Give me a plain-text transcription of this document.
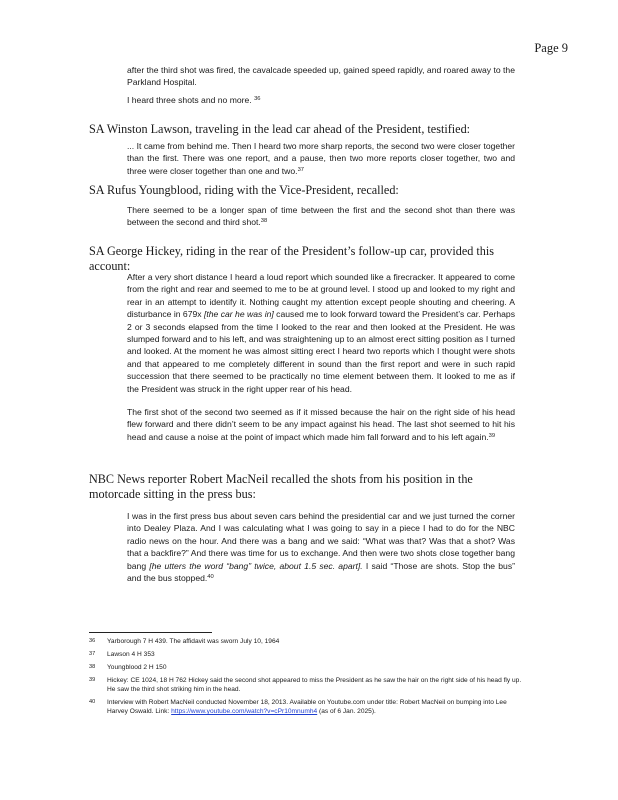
Page 9

after the third shot was fired, the cavalcade speeded up, gained speed rapidly, and roared away to the Parkland Hospital.

I heard three shots and no more. $^{36}$

SA Winston Lawson, traveling in the lead car ahead of the President, testified:

... It came from behind me. Then I heard two more sharp reports, the second two were closer together than the first. There was one report, and a pause, then two more reports closer together, two and three were closer together than one and two.$^{37}$

SA Rufus Youngblood, riding with the Vice-President, recalled:

There seemed to be a longer span of time between the first and the second shot than there was between the second and third shot.$^{38}$

SA George Hickey, riding in the rear of the President’s follow-up car, provided this account:

After a very short distance I heard a loud report which sounded like a firecracker. It appeared to come from the right and rear and seemed to me to be at ground level. I stood up and looked to my right and rear in an attempt to identify it. Nothing caught my attention except people shouting and cheering. A disturbance in 679x [the car he was in] caused me to look forward toward the President’s car. Perhaps 2 or 3 seconds elapsed from the time I looked to the rear and then looked at the President. He was slumped forward and to his left, and was straightening up to an almost erect sitting position as I turned and looked. At the moment he was almost sitting erect I heard two reports which I thought were shots and that appeared to me completely different in sound than the first report and were in such rapid succession that there seemed to be practically no time element between them. It looked to me as if the President was struck in the right upper rear of his head.

The first shot of the second two seemed as if it missed because the hair on the right side of his head flew forward and there didn’t seem to be any impact against his head. The last shot seemed to hit his head and cause a noise at the point of impact which made him fall forward and to his left again.$^{39}$

NBC News reporter Robert MacNeil recalled the shots from his position in the motorcade sitting in the press bus:

I was in the first press bus about seven cars behind the presidential car and we just turned the corner into Dealey Plaza. And I was calculating what I was going to say in a piece I had to do for the NBC radio news on the hour. And there was a bang and we said: “What was that? Was that a shot? Was that a backfire?” And there was time for us to exchange. And then were two shots close together bang bang [he utters the word “bang” twice, about 1.5 sec. apart]. I said “Those are shots. Stop the bus” and the bus stopped.$^{40}$

36 Yarborough 7 H 439. The affidavit was sworn July 10, 1964
37 Lawson 4 H 353
38 Youngblood 2 H 150
39 Hickey: CE 1024, 18 H 762 Hickey said the second shot appeared to miss the President as he saw the hair on the right side of his head fly up. He saw the third shot striking him in the head.
40 Interview with Robert MacNeil conducted November 18, 2013. Available on Youtube.com under title: Robert MacNeil on bumping into Lee Harvey Oswald. Link: https://www.youtube.com/watch?v=cPr10mnumh4 (as of 6 Jan. 2025).
